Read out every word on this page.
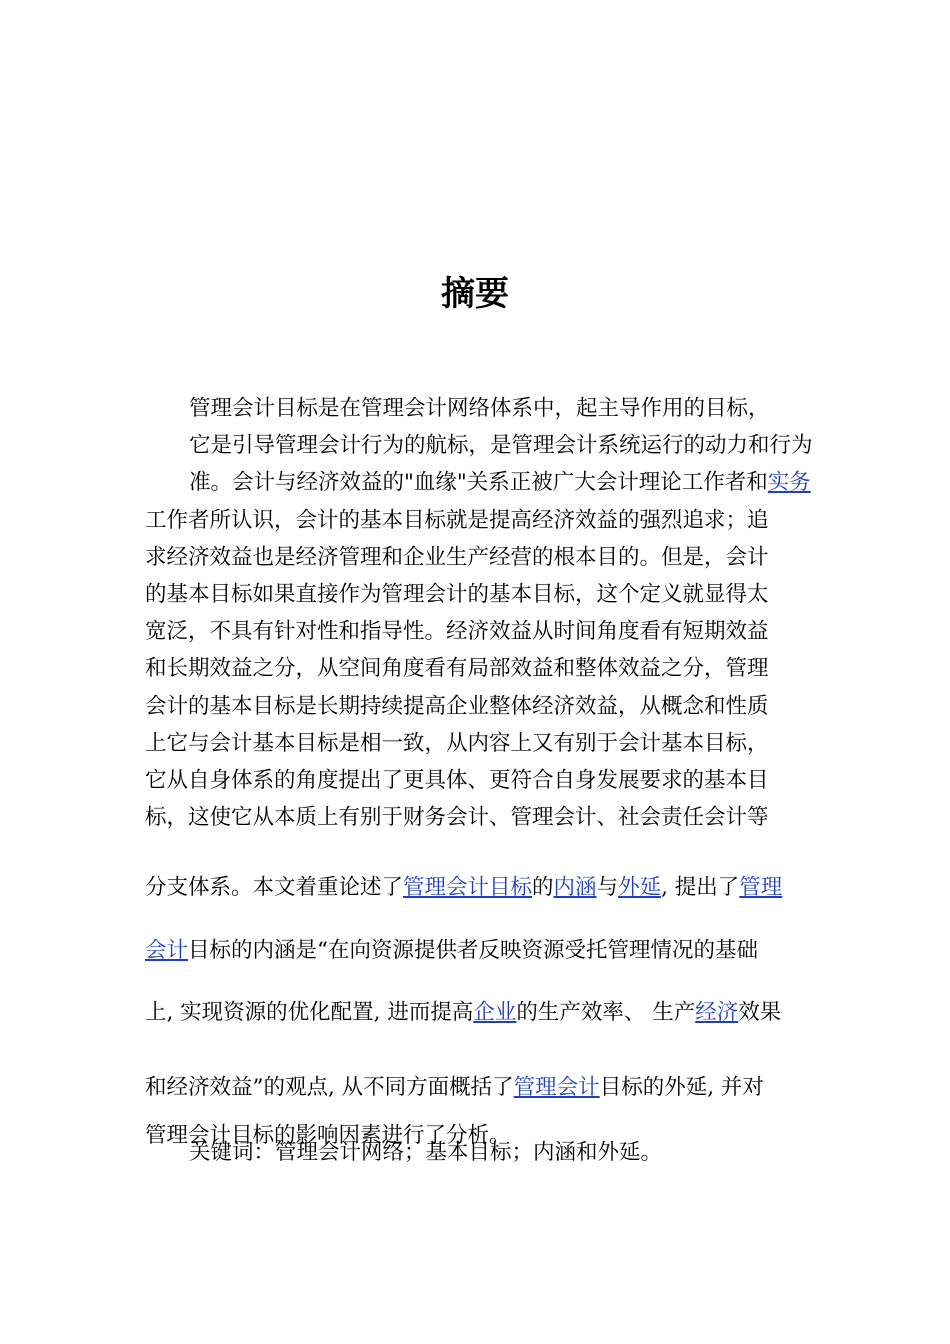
摘要

管理会计目标是在管理会计网络体系中，起主导作用的目标，
它是引导管理会计行为的航标，是管理会计系统运行的动力和行为
准。会计与经济效益的"血缘"关系正被广大会计理论工作者和实务
工作者所认识，会计的基本目标就是提高经济效益的强烈追求；追
求经济效益也是经济管理和企业生产经营的根本目的。但是，会计
的基本目标如果直接作为管理会计的基本目标，这个定义就显得太
宽泛，不具有针对性和指导性。经济效益从时间角度看有短期效益
和长期效益之分，从空间角度看有局部效益和整体效益之分，管理
会计的基本目标是长期持续提高企业整体经济效益，从概念和性质
上它与会计基本目标是相一致，从内容上又有别于会计基本目标，
它从自身体系的角度提出了更具体、更符合自身发展要求的基本目
标，这使它从本质上有别于财务会计、管理会计、社会责任会计等

分支体系。本文着重论述了管理会计目标的内涵与外延, 提出了管理
会计目标的内涵是“在向资源提供者反映资源受托管理情况的基础
上, 实现资源的优化配置, 进而提高企业的生产效率、 生产经济效果
和经济效益”的观点, 从不同方面概括了管理会计目标的外延, 并对
管理会计目标的影响因素进行了分析。

关键词：管理会计网络；基本目标；内涵和外延。
